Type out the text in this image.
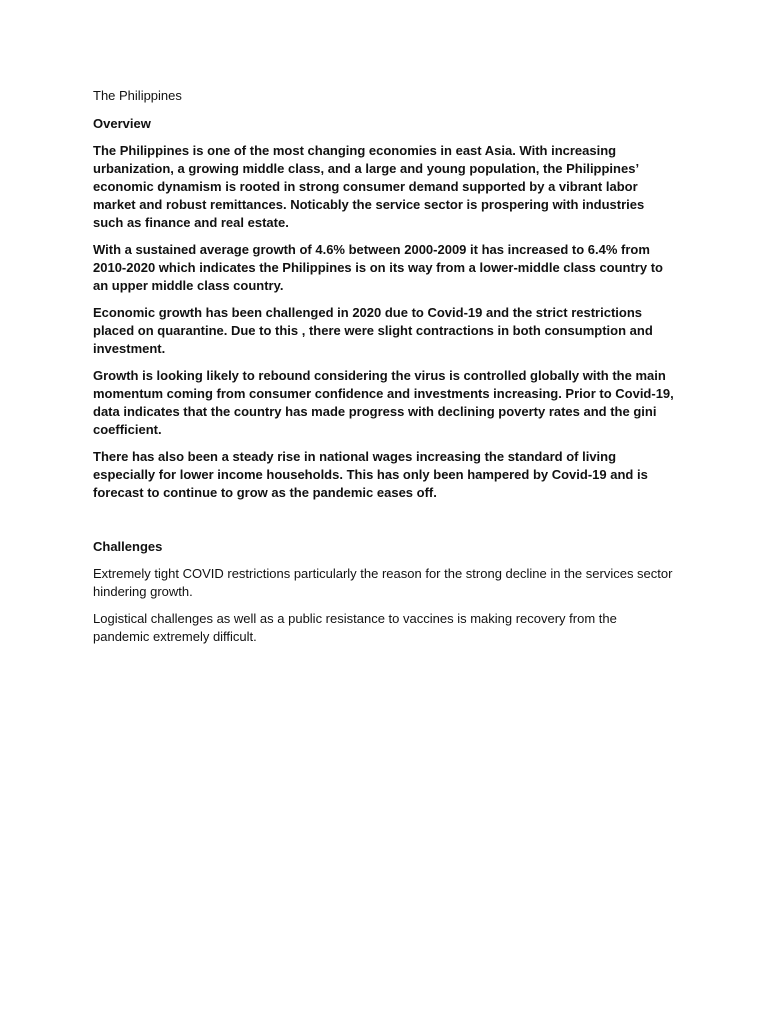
The Philippines
Overview

The Philippines is one of the most changing economies in east Asia. With increasing urbanization, a growing middle class, and a large and young population, the Philippines’ economic dynamism is rooted in strong consumer demand supported by a vibrant labor market and robust remittances. Noticably the service sector is prospering with industries such as finance and real estate.

With a sustained average growth of 4.6% between 2000-2009 it has increased to 6.4% from 2010-2020 which indicates the Philippines is on its way from a lower-middle class country to an upper middle class country.

Economic growth has been challenged in 2020 due to Covid-19 and the strict restrictions placed on quarantine. Due to this , there were slight contractions in both consumption and investment.

Growth is looking likely to rebound considering the virus is controlled globally with the main momentum coming from consumer confidence and investments increasing. Prior to Covid-19, data indicates that the country has made progress with declining poverty rates and the gini coefficient.

There has also been a steady rise in national wages increasing the standard of living especially for lower income households. This has only been hampered by Covid-19 and is forecast to continue to grow as the pandemic eases off.

Challenges

Extremely tight COVID restrictions particularly the reason for the strong decline in the services sector hindering growth.

Logistical challenges as well as a public resistance to vaccines is making recovery from the pandemic extremely difficult.
